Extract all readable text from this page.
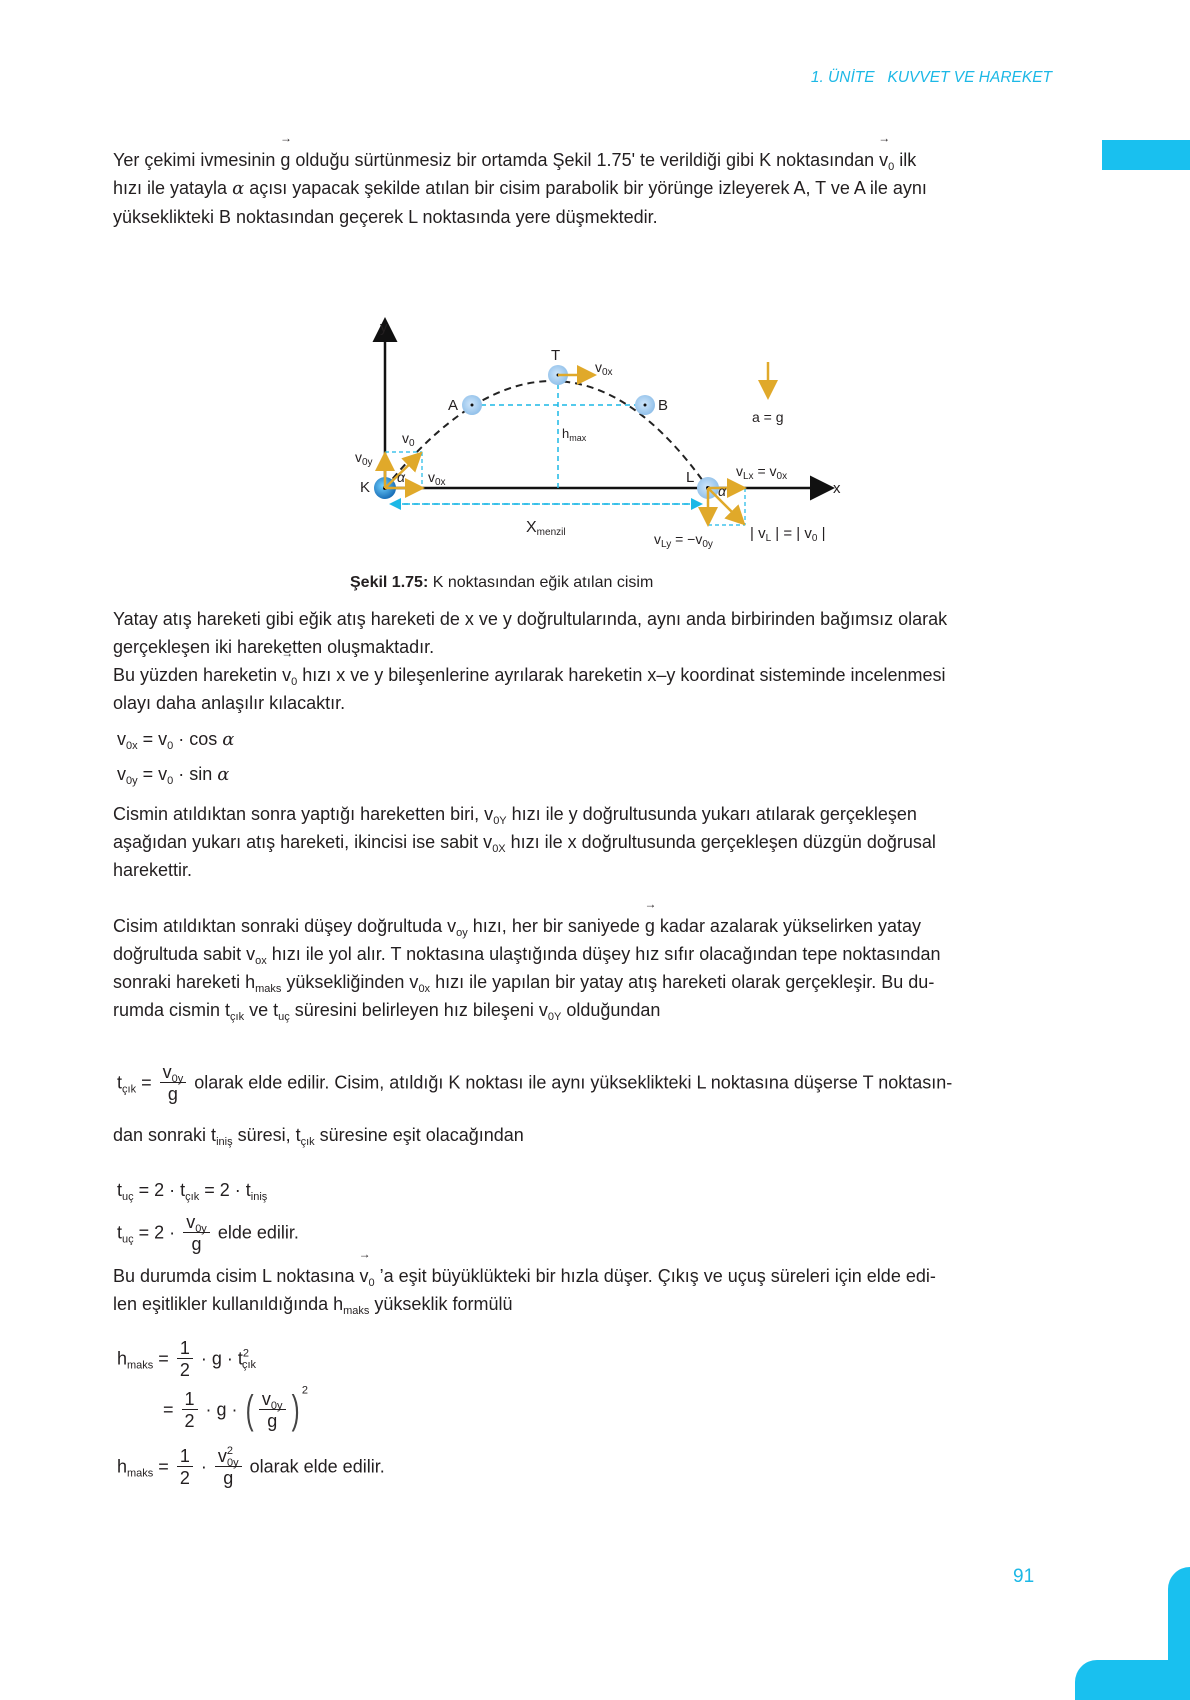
1. ÜNİTE   KUVVET VE HAREKET
91
Yer çekimi ivmesinin → g olduğu sürtünmesiz bir ortamda Şekil 1.75' te verildiği gibi K noktasından → $v_0$ ilk
hızı ile yatayla α açısı yapacak şekilde atılan bir cisim parabolik bir yörünge izleyerek A, T ve A ile aynı
yükseklikteki B noktasından geçerek L noktasında yere düşmektedir.
y
x
K
A
T
B
L
$v_0$
$v_{0y}$
$v_{0x}$
$v_{0x}$
$h_{max}$
α
α
Xmenzil
a = g
$v_{Lx} = v_{0x}$
$v_{Ly} = -v_{0y}$
| $v_L$ | = | $v_0$ |
Şekil 1.75: K noktasından eğik atılan cisim
Yatay atış hareketi gibi eğik atış hareketi de x ve y doğrultularında, aynı anda birbirinden bağımsız olarak
gerçekleşen iki hareketten oluşmaktadır.
Bu yüzden hareketin → $v_0$ hızı x ve y bileşenlerine ayrılarak hareketin x–y koordinat sisteminde incelenmesi
olayı daha anlaşılır kılacaktır.
$v_{0x} = v_0 \cdot \cos \alpha$
$v_{0y} = v_0 \cdot \sin \alpha$
Cismin atıldıktan sonra yaptığı hareketten biri, $v_{0Y}$ hızı ile y doğrultusunda yukarı atılarak gerçekleşen
aşağıdan yukarı atış hareketi, ikincisi ise sabit $v_{0X}$ hızı ile x doğrultusunda gerçekleşen düzgün doğrusal
harekettir.
Cisim atıldıktan sonraki düşey doğrultuda $v_{oy}$ hızı, her bir saniyede → g kadar azalarak yükselirken yatay
doğrultuda sabit $v_{ox}$ hızı ile yol alır. T noktasına ulaştığında düşey hız sıfır olacağından tepe noktasından
sonraki hareketi $h_{maks}$ yüksekliğinden $v_{0x}$ hızı ile yapılan bir yatay atış hareketi olarak gerçekleşir. Bu du-
rumda cismin $t_{çık}$ ve $t_{uç}$ süresini belirleyen hız bileşeni $v_{0Y}$ olduğundan
$t_{çık} = \frac{v_{0y}}{g}$ olarak elde edilir. Cisim, atıldığı K noktası ile aynı yükseklikteki L noktasına düşerse T noktasın-
dan sonraki $t_{iniş}$ süresi, $t_{çık}$ süresine eşit olacağından
$t_{uç} = 2 \cdot t_{çık} = 2 \cdot t_{iniş}$
$t_{uç} = 2 \cdot \frac{v_{0y}}{g}$ elde edilir.
Bu durumda cisim L noktasına → $v_0$ ’a eşit büyüklükteki bir hızla düşer. Çıkış ve uçuş süreleri için elde edi-
len eşitlikler kullanıldığında $h_{maks}$ yükseklik formülü
$h_{maks} = \frac{1}{2} \cdot g \cdot t^2_{çık}$
= $\frac{1}{2} \cdot g$ · ( $\frac{v_{0y}}{g}$ ) $^2$
$h_{maks} = \frac{1}{2} \cdot \frac{v^2_{0y}}{g}$ olarak elde edilir.
